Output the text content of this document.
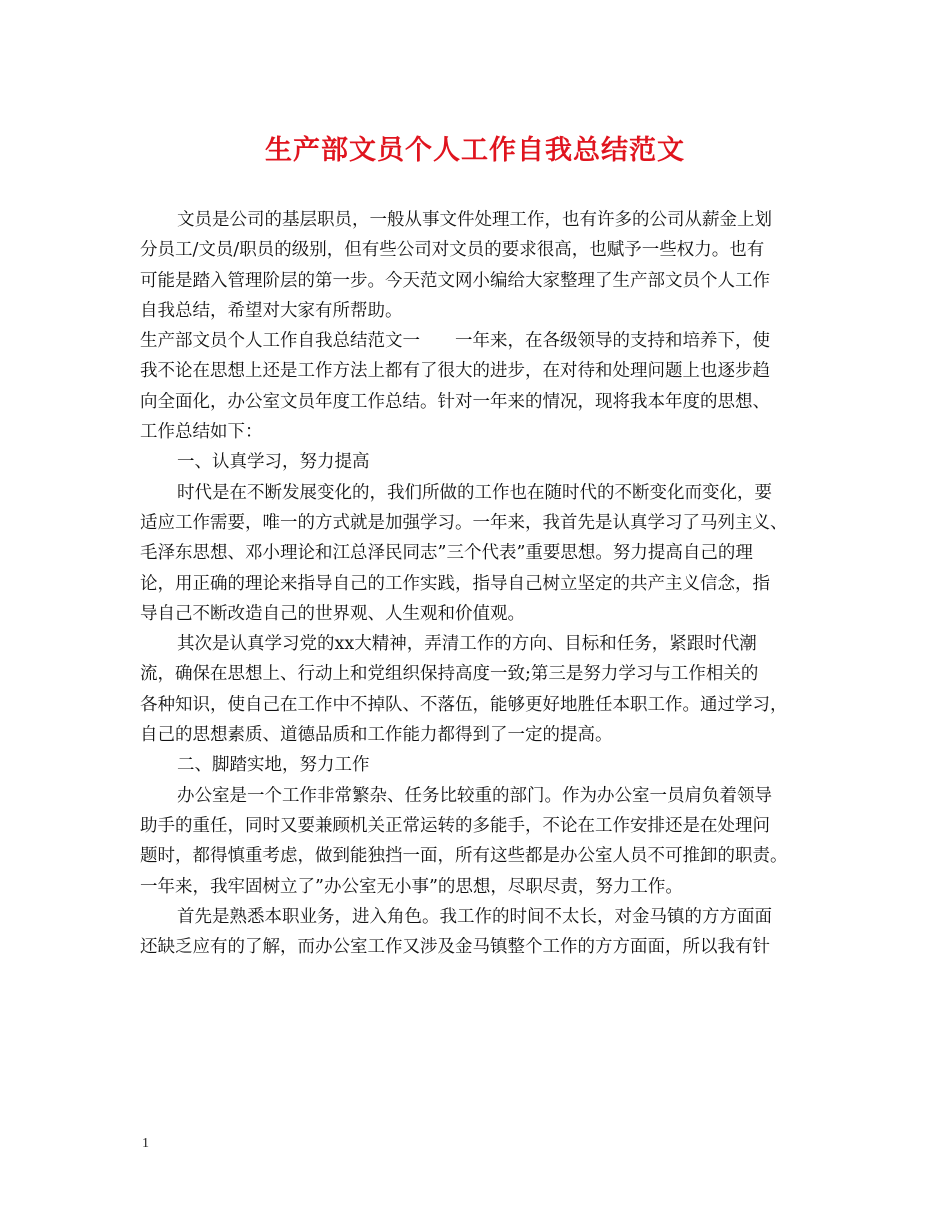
生产部文员个人工作自我总结范文
文员是公司的基层职员，一般从事文件处理工作，也有许多的公司从薪金上划
分员工/文员/职员的级别，但有些公司对文员的要求很高，也赋予一些权力。也有
可能是踏入管理阶层的第一步。今天范文网小编给大家整理了生产部文员个人工作
自我总结，希望对大家有所帮助。
生产部文员个人工作自我总结范文一　　一年来，在各级领导的支持和培养下，使
我不论在思想上还是工作方法上都有了很大的进步，在对待和处理问题上也逐步趋
向全面化，办公室文员年度工作总结。针对一年来的情况，现将我本年度的思想、
工作总结如下：
一、认真学习，努力提高
时代是在不断发展变化的，我们所做的工作也在随时代的不断变化而变化，要
适应工作需要，唯一的方式就是加强学习。一年来，我首先是认真学习了马列主义、
毛泽东思想、邓小理论和江总泽民同志”三个代表”重要思想。努力提高自己的理
论，用正确的理论来指导自己的工作实践，指导自己树立坚定的共产主义信念，指
导自己不断改造自己的世界观、人生观和价值观。
其次是认真学习党的xx大精神，弄清工作的方向、目标和任务，紧跟时代潮
流，确保在思想上、行动上和党组织保持高度一致;第三是努力学习与工作相关的
各种知识，使自己在工作中不掉队、不落伍，能够更好地胜任本职工作。通过学习，
自己的思想素质、道德品质和工作能力都得到了一定的提高。
二、脚踏实地，努力工作
办公室是一个工作非常繁杂、任务比较重的部门。作为办公室一员肩负着领导
助手的重任，同时又要兼顾机关正常运转的多能手，不论在工作安排还是在处理问
题时，都得慎重考虑，做到能独挡一面，所有这些都是办公室人员不可推卸的职责。
一年来，我牢固树立了”办公室无小事”的思想，尽职尽责，努力工作。
首先是熟悉本职业务，进入角色。我工作的时间不太长，对金马镇的方方面面
还缺乏应有的了解，而办公室工作又涉及金马镇整个工作的方方面面，所以我有针
1
